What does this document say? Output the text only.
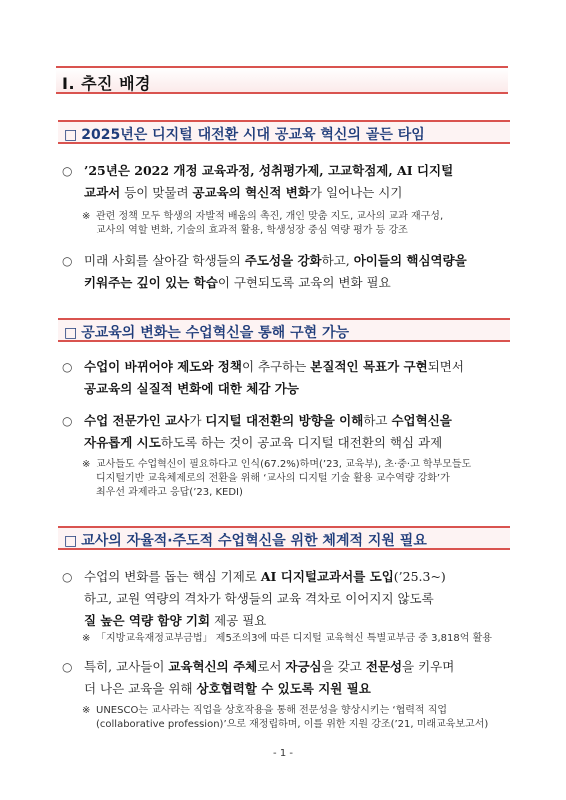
Ⅰ. 추진 배경
□ 2025년은 디지털 대전환 시대 공교육 혁신의 골든 타임
○ ’25년은 2022 개정 교육과정, 성취평가제, 고교학점제, AI 디지털
교과서 등이 맞물려 공교육의 혁신적 변화가 일어나는 시기
※ 관련 정책 모두 학생의 자발적 배움의 촉진, 개인 맞춤 지도, 교사의 교과 재구성,
교사의 역할 변화, 기술의 효과적 활용, 학생성장 중심 역량 평가 등 강조
○ 미래 사회를 살아갈 학생들의 주도성을 강화하고, 아이들의 핵심역량을
키워주는 깊이 있는 학습이 구현되도록 교육의 변화 필요
□ 공교육의 변화는 수업혁신을 통해 구현 가능
○ 수업이 바뀌어야 제도와 정책이 추구하는 본질적인 목표가 구현되면서
공교육의 실질적 변화에 대한 체감 가능
○ 수업 전문가인 교사가 디지털 대전환의 방향을 이해하고 수업혁신을
자유롭게 시도하도록 하는 것이 공교육 디지털 대전환의 핵심 과제
※ 교사들도 수업혁신이 필요하다고 인식(67.2%)하며(’23, 교육부), 초·중·고 학부모들도
디지털기반 교육체제로의 전환을 위해 ‘교사의 디지털 기술 활용 교수역량 강화’가
최우선 과제라고 응답(’23, KEDI)
□ 교사의 자율적·주도적 수업혁신을 위한 체계적 지원 필요
○ 수업의 변화를 돕는 핵심 기제로 AI 디지털교과서를 도입(’25.3~)
하고, 교원 역량의 격차가 학생들의 교육 격차로 이어지지 않도록
질 높은 역량 함양 기회 제공 필요
※ 「지방교육재정교부금법」 제5조의3에 따른 디지털 교육혁신 특별교부금 중 3,818억 활용
○ 특히, 교사들이 교육혁신의 주체로서 자긍심을 갖고 전문성을 키우며
더 나은 교육을 위해 상호협력할 수 있도록 지원 필요
※ UNESCO는 교사라는 직업을 상호작용을 통해 전문성을 향상시키는 ‘협력적 직업
(collaborative profession)’으로 재정립하며, 이를 위한 지원 강조(’21, 미래교육보고서)
- 1 -
